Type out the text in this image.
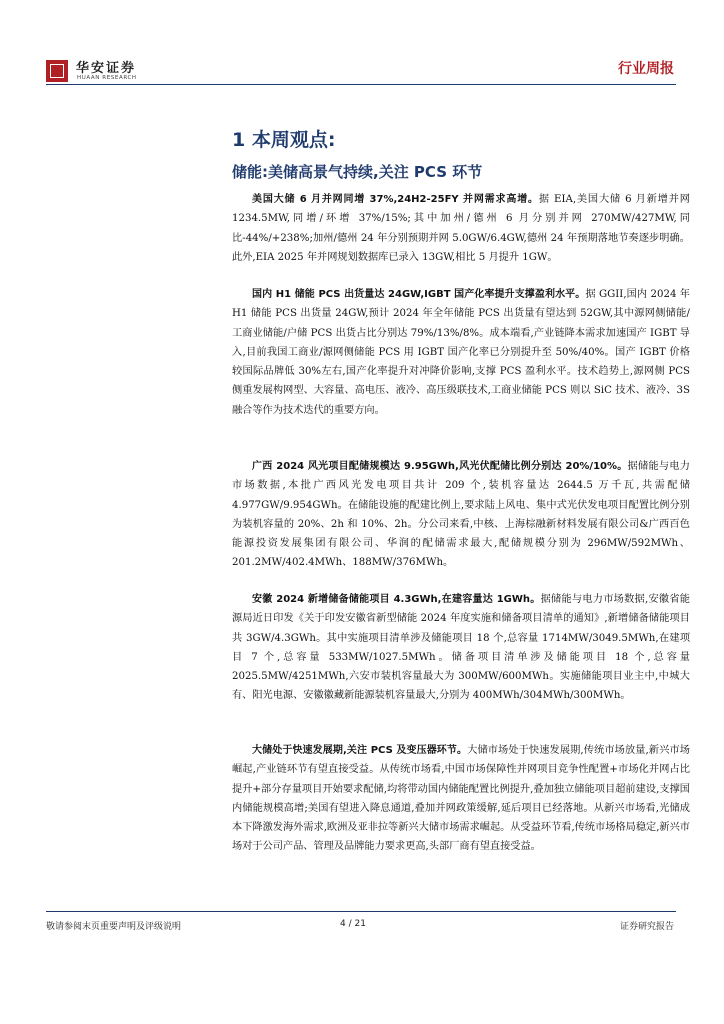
华安证券
HUAAN RESEARCH
行业周报
1 本周观点:
储能:美储高景气持续,关注 PCS 环节
美国大储 6 月并网同增 37%,24H2-25FY 并网需求高增。据 EIA,美国大储 6 月新增并网 1234.5MW,同增/环增 37%/15%;其中加州/德州 6 月分别并网 270MW/427MW,同比-44%/+238%;加州/德州 24 年分别预期并网 5.0GW/6.4GW,德州 24 年预期落地节奏逐步明确。此外,EIA 2025 年并网规划数据库已录入 13GW,相比 5 月提升 1GW。
国内 H1 储能 PCS 出货量达 24GW,IGBT 国产化率提升支撑盈利水平。据 GGII,国内 2024 年 H1 储能 PCS 出货量 24GW,预计 2024 年全年储能 PCS 出货量有望达到 52GW,其中源网侧储能/工商业储能/户储 PCS 出货占比分别达 79%/13%/8%。成本端看,产业链降本需求加速国产 IGBT 导入,目前我国工商业/源网侧储能 PCS 用 IGBT 国产化率已分别提升至 50%/40%。国产 IGBT 价格较国际品牌低 30%左右,国产化率提升对冲降价影响,支撑 PCS 盈利水平。技术趋势上,源网侧 PCS 侧重发展构网型、大容量、高电压、液冷、高压级联技术,工商业储能 PCS 则以 SiC 技术、液冷、3S 融合等作为技术迭代的重要方向。
广西 2024 风光项目配储规模达 9.95GWh,风光伏配储比例分别达 20%/10%。据储能与电力市场数据,本批广西风光发电项目共计 209 个,装机容量达 2644.5 万千瓦,共需配储 4.977GW/9.954GWh。在储能设施的配建比例上,要求陆上风电、集中式光伏发电项目配置比例分别为装机容量的 20%、2h 和 10%、2h。分公司来看,中核、上海棕融新材料发展有限公司&广西百色能源投资发展集团有限公司、华润的配储需求最大,配储规模分别为 296MW/592MWh、201.2MW/402.4MWh、188MW/376MWh。
安徽 2024 新增储备储能项目 4.3GWh,在建容量达 1GWh。据储能与电力市场数据,安徽省能源局近日印发《关于印发安徽省新型储能 2024 年度实施和储备项目清单的通知》,新增储备储能项目共 3GW/4.3GWh。其中实施项目清单涉及储能项目 18 个,总容量 1714MW/3049.5MWh,在建项目 7 个,总容量 533MW/1027.5MWh。储备项目清单涉及储能项目 18 个,总容量 2025.5MW/4251MWh,六安市装机容量最大为 300MW/600MWh。实施储能项目业主中,中城大有、阳光电源、安徽徽藏新能源装机容量最大,分别为 400MWh/304MWh/300MWh。
大储处于快速发展期,关注 PCS 及变压器环节。大储市场处于快速发展期,传统市场放量,新兴市场崛起,产业链环节有望直接受益。从传统市场看,中国市场保障性并网项目竞争性配置+市场化并网占比提升+部分存量项目开始要求配储,均将带动国内储能配置比例提升,叠加独立储能项目超前建设,支撑国内储能规模高增;美国有望进入降息通道,叠加并网政策缓解,延后项目已经落地。从新兴市场看,光储成本下降激发海外需求,欧洲及亚非拉等新兴大储市场需求崛起。从受益环节看,传统市场格局稳定,新兴市场对于公司产品、管理及品牌能力要求更高,头部厂商有望直接受益。
敬请参阅末页重要声明及评级说明	4 / 21	证券研究报告
